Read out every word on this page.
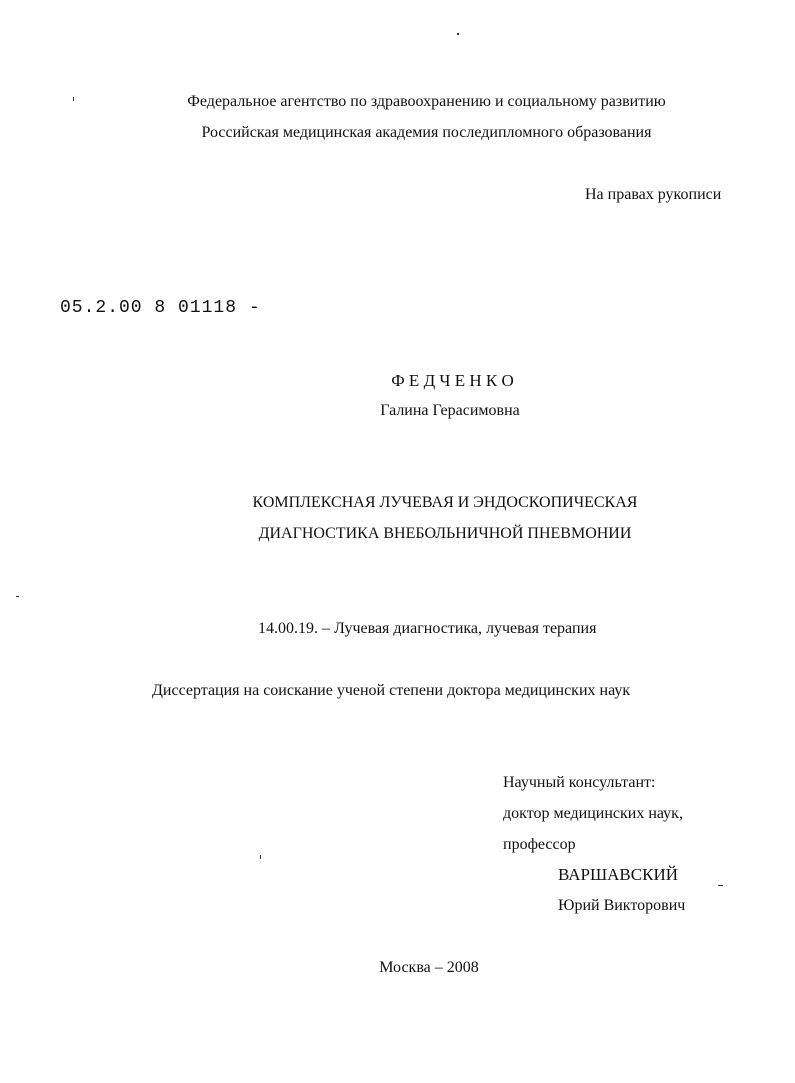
Федеральное агентство по здравоохранению и социальному развитию
Российская медицинская академия последипломного образования
На правах рукописи
05.2.00 8 01118 -
Ф Е Д Ч Е Н К О
Галина Герасимовна
КОМПЛЕКСНАЯ ЛУЧЕВАЯ И ЭНДОСКОПИЧЕСКАЯ
ДИАГНОСТИКА ВНЕБОЛЬНИЧНОЙ ПНЕВМОНИИ
14.00.19. – Лучевая диагностика, лучевая терапия
Диссертация на соискание ученой степени доктора медицинских наук
Научный консультант:
доктор медицинских наук,
профессор
ВАРШАВСКИЙ
Юрий Викторович
Москва – 2008
